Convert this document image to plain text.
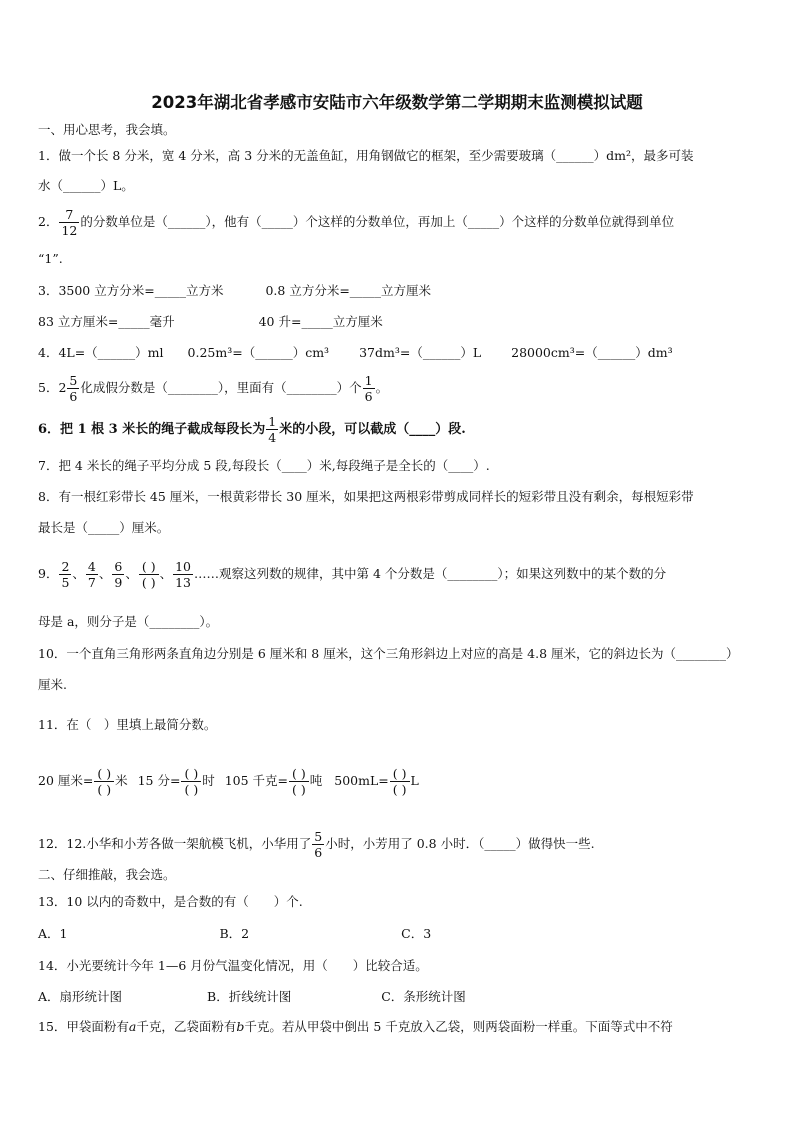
2023年湖北省孝感市安陆市六年级数学第二学期期末监测模拟试题
一、用心思考，我会填。
1．做一个长 8 分米，宽 4 分米，高 3 分米的无盖鱼缸，用角钢做它的框架，至少需要玻璃（______）dm²，最多可装
水（______）L。
2． $\frac{7}{12}$ 的分数单位是（______），他有（_____）个这样的分数单位，再加上（_____）个这样的分数单位就得到单位
“1”.
3．3500 立方分米=_____立方米	0.8 立方分米=_____立方厘米
83 立方厘米=_____毫升	40 升=_____立方厘米
4．4L=（______）ml 0.25m³=（______）cm³ 37dm³=（______）L 28000cm³=（______）dm³
5．$2 \frac{5}{6}$ 化成假分数是（________），里面有（________）个 $\frac{1}{6}$ 。
6．把 1 根 3 米长的绳子截成每段长为 $\frac{1}{4}$ 米的小段，可以截成（____）段.
7．把 4 米长的绳子平均分成 5 段,每段长（____）米,每段绳子是全长的（____）.
8．有一根红彩带长 45 厘米，一根黄彩带长 30 厘米，如果把这两根彩带剪成同样长的短彩带且没有剩余，每根短彩带
最长是（_____）厘米。
9． $\frac{2}{5}$ 、 $\frac{4}{7}$ 、 $\frac{6}{9}$ 、 $\frac{( )}{( )}$ 、 $\frac{10}{13}$ ……观察这列数的规律，其中第 4 个分数是（________）；如果这列数中的某个数的分
母是 a，则分子是（________）。
10．一个直角三角形两条直角边分别是 6 厘米和 8 厘米，这个三角形斜边上对应的高是 4.8 厘米，它的斜边长为（________）
厘米.
11．在（　）里填上最简分数。
20 厘米= $\frac{( )}{( )}$ 米 15 分= $\frac{( )}{( )}$ 时 105 千克= $\frac{( )}{( )}$ 吨 $500mL= \frac{( )}{( )}$ L
12．12.小华和小芳各做一架航模飞机，小华用了 $\frac{5}{6}$ 小时，小芳用了 0.8 小时．（_____）做得快一些.
二、仔细推敲，我会选。
13．10 以内的奇数中，是合数的有（　　）个.
A．1	B．2	C．3
14．小光要统计今年 1—6 月份气温变化情况，用（　　）比较合适。
A．扇形统计图	B．折线统计图	C．条形统计图
15．甲袋面粉有a千克，乙袋面粉有b千克。若从甲袋中倒出 5 千克放入乙袋，则两袋面粉一样重。下面等式中不符
